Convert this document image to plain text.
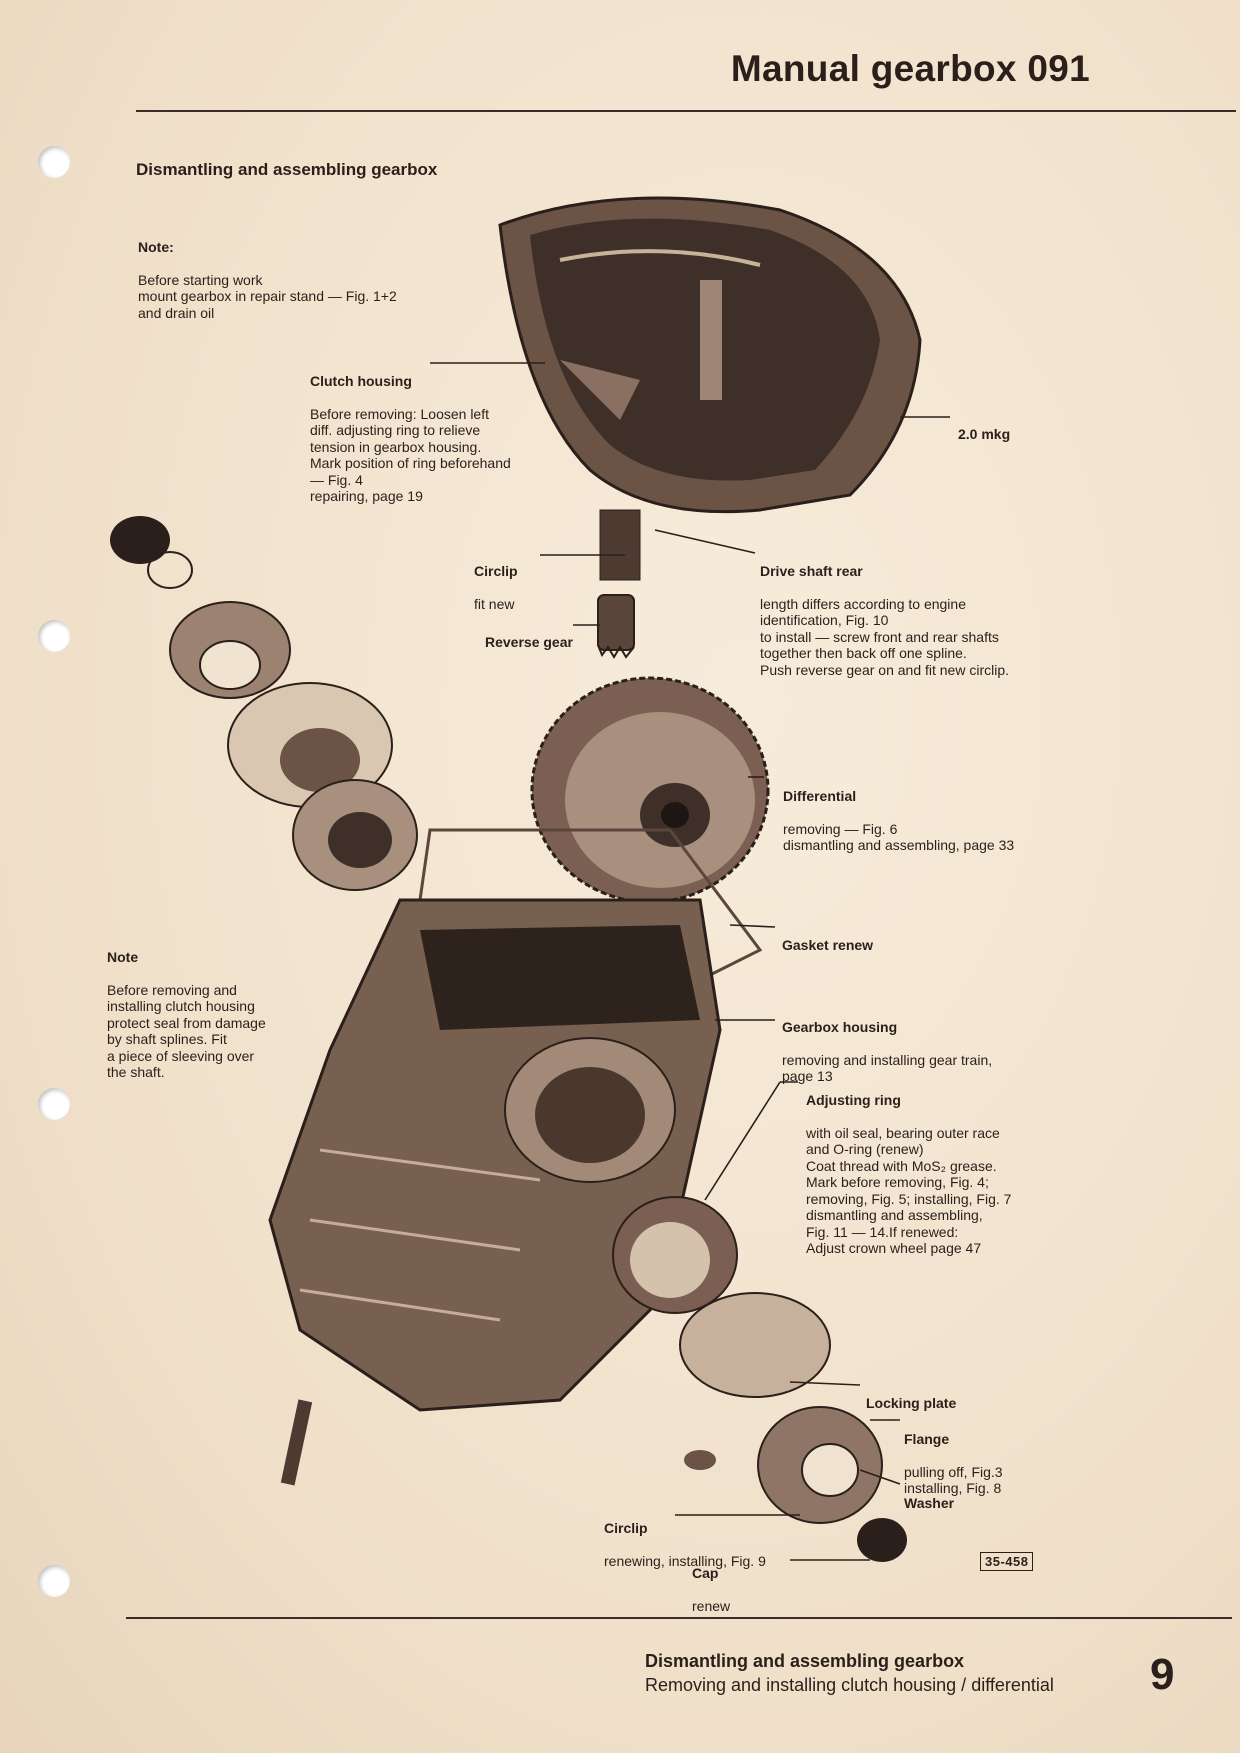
Manual gearbox 091
Dismantling and assembling gearbox

Note:

Before starting work
mount gearbox in repair stand — Fig. 1+2
and drain oil

Note

Before removing and
installing clutch housing
protect seal from damage
by shaft splines. Fit
a piece of sleeving over
the shaft.

Clutch housing

Before removing: Loosen left
diff. adjusting ring to relieve
tension in gearbox housing.
Mark position of ring beforehand
— Fig. 4
repairing, page 19

2.0 mkg

Circlip

fit new

Drive shaft rear

length differs according to engine
identification, Fig. 10
to install — screw front and rear shafts
together then back off one spline.
Push reverse gear on and fit new circlip.

Reverse gear

Differential

removing — Fig. 6
dismantling and assembling, page 33

Gasket renew

Gearbox housing

removing and installing gear train,
page 13

Adjusting ring

with oil seal, bearing outer race
and O-ring (renew)
Coat thread with MoS₂ grease.
Mark before removing, Fig. 4;
removing, Fig. 5; installing, Fig. 7
dismantling and assembling,
Fig. 11 — 14.If renewed:
Adjust crown wheel page 47

Locking plate

Flange

pulling off, Fig.3
installing, Fig. 8

Washer

Circlip

renewing, installing, Fig. 9

Cap

renew

35-458
Dismantling and assembling gearbox
Removing and installing clutch housing / differential 9
